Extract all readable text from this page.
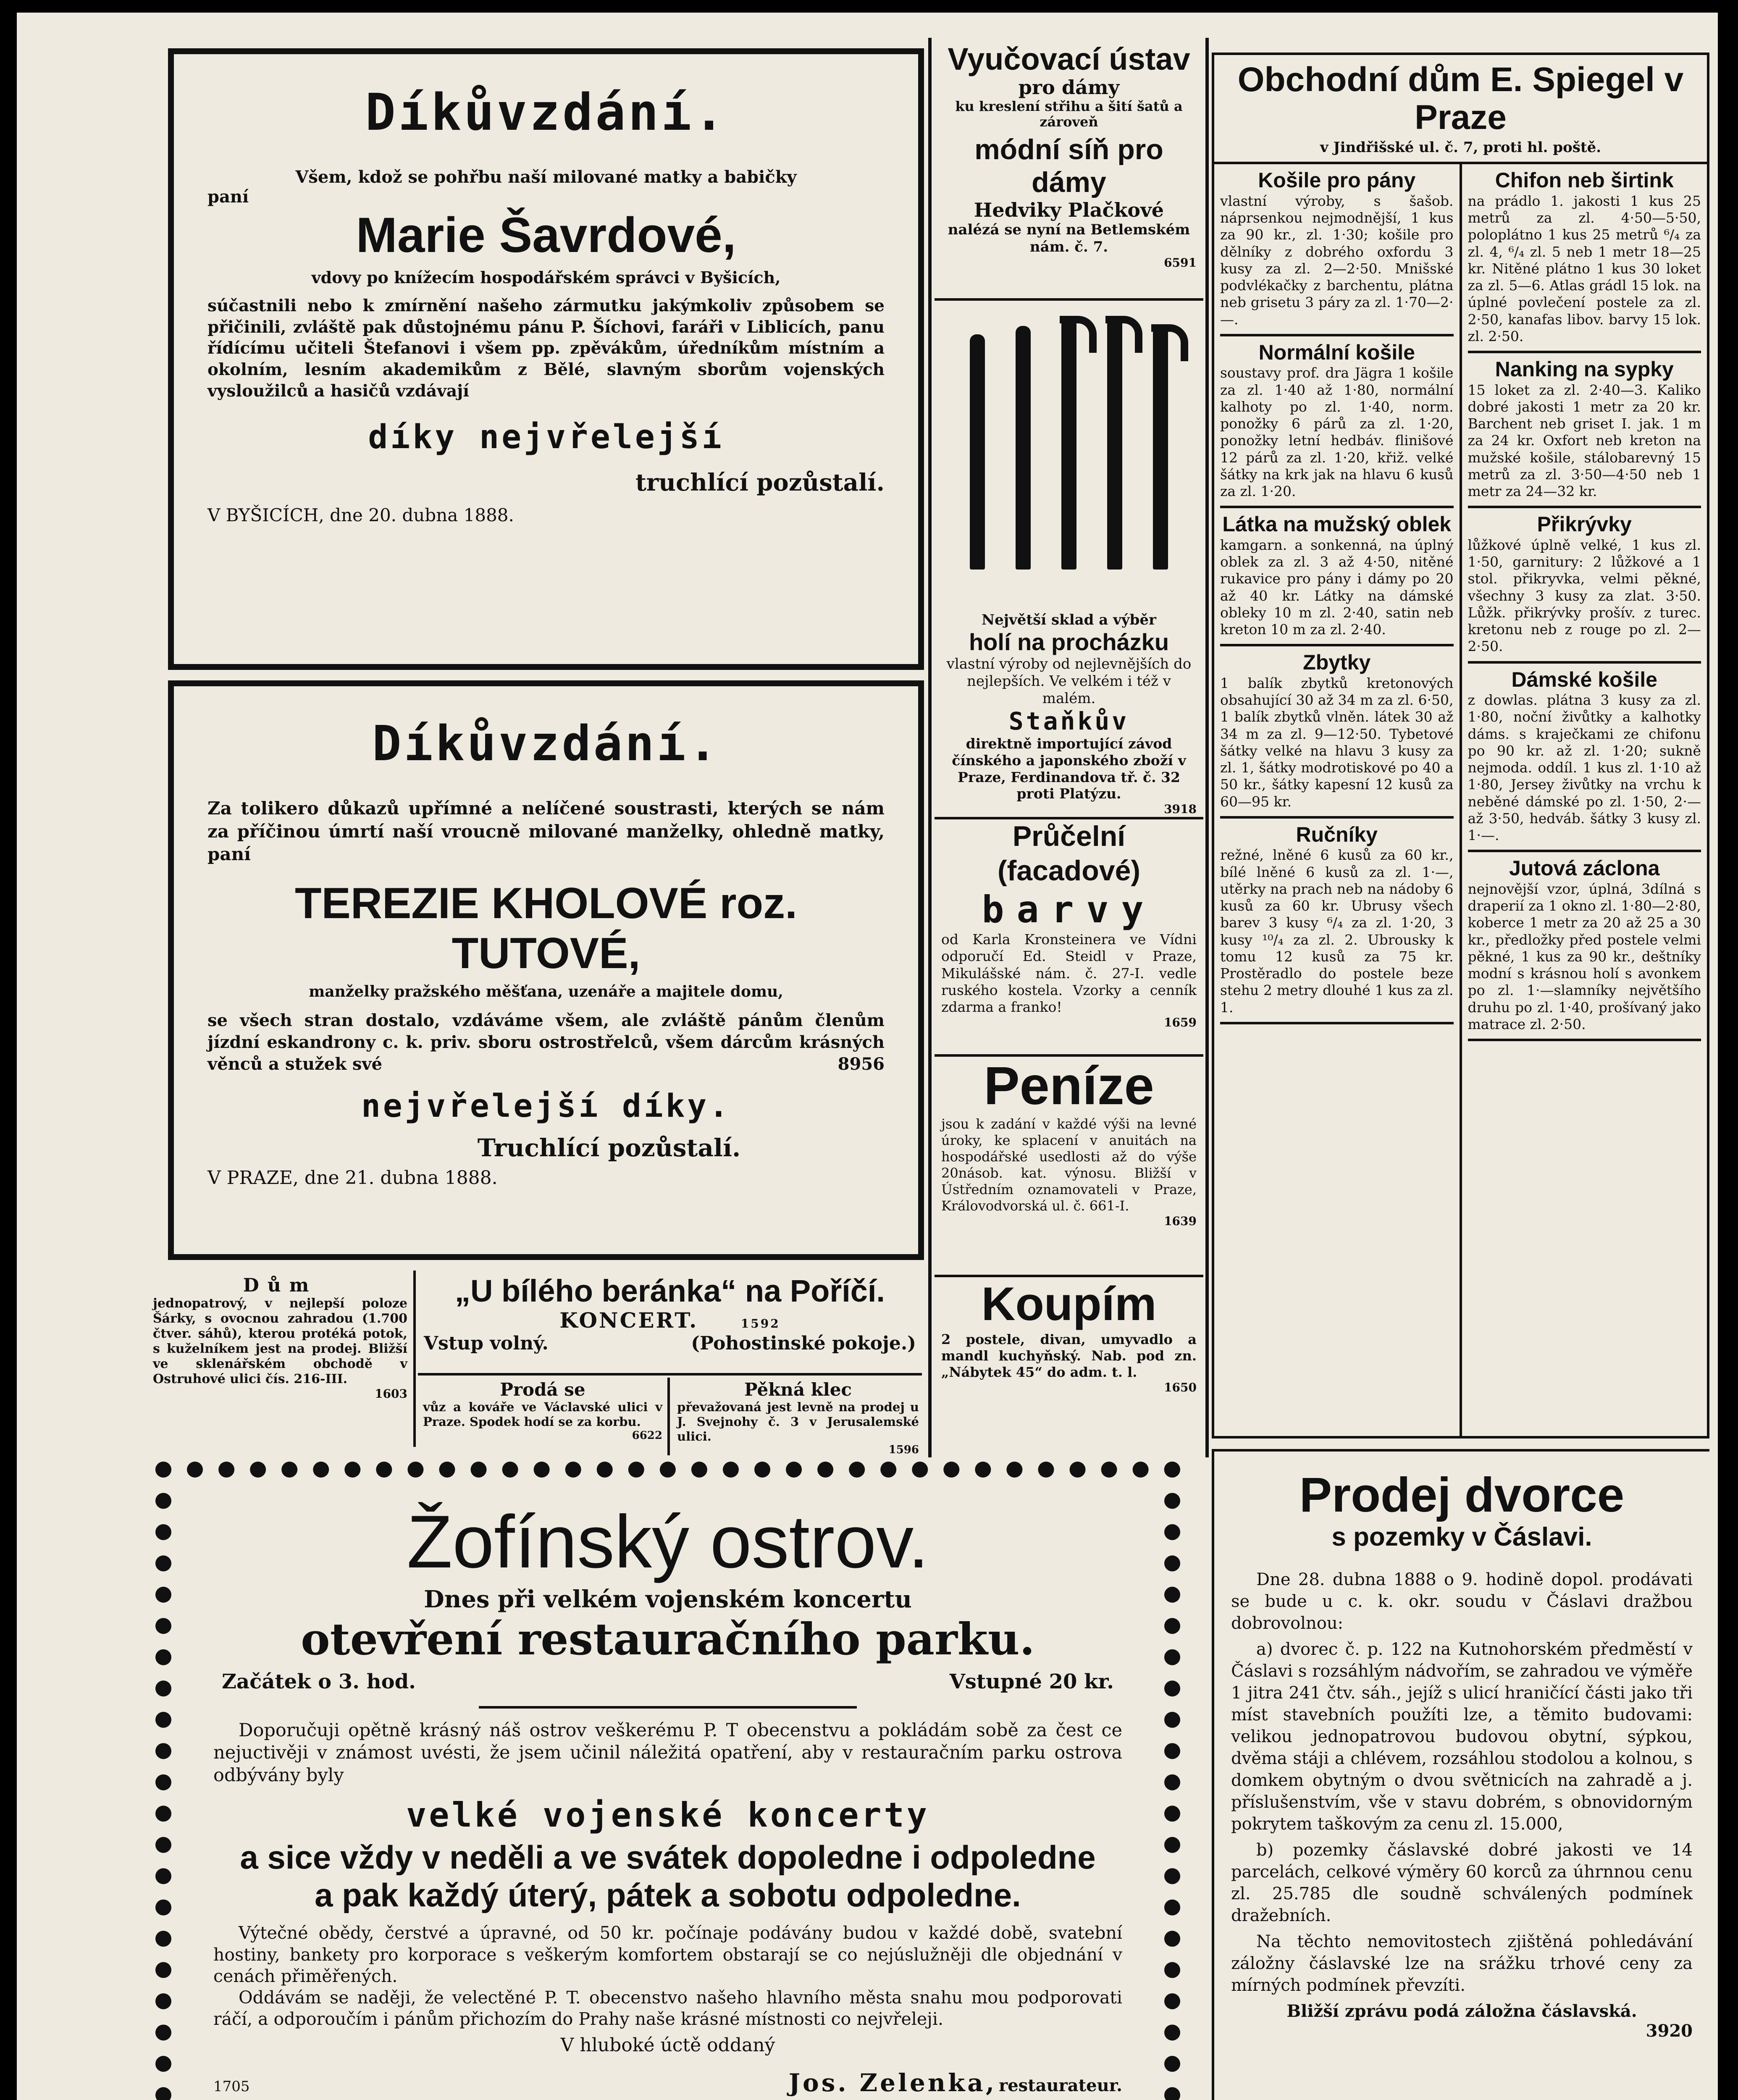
Díkůvzdání.

Všem, kdož se pohřbu naší milované matky a babičky

paní

Marie Šavrdové,

vdovy po knížecím hospodářském správci v Byšicích,

súčastnili nebo k zmírnění našeho zármutku jakýmkoliv způsobem se přičinili, zvláště pak důstojnému pánu P. Šíchovi, faráři v Liblicích, panu řídícímu učiteli Štefanovi i všem pp. zpěvákům, úředníkům místním a okolním, lesním akademikům z Bělé, slavným sborům vojenských vysloužilců a hasičů vzdávají

díky nejvřelejší

truchlící pozůstalí.

V BYŠICÍCH, dne 20. dubna 1888.

Díkůvzdání.

Za tolikero důkazů upřímné a nelíčené soustrasti, kterých se nám za příčinou úmrtí naší vroucně milované manželky, ohledně matky, paní

TEREZIE KHOLOVÉ roz. TUTOVÉ,

manželky pražského měšťana, uzenáře a majitele domu,

se všech stran dostalo, vzdáváme všem, ale zvláště pánům členům jízdní eskandrony c. k. priv. sboru ostrostřelců, všem dárcům krásných věnců a stužek své	8956

nejvřelejší díky.

Truchlící pozůstalí.

V PRAZE, dne 21. dubna 1888.

Dům

jednopatrový, v nejlepší poloze Šárky, s ovocnou zahradou (1.700 čtver. sáhů), kterou protéká potok, s kuželníkem jest na prodej. Bližší ve sklenářském obchodě v Ostruhové ulici čís. 216-III.

1603

„U bílého beránka“ na Poříčí.
KONCERT.	1592
Vstup volný.	(Pohostinské pokoje.)
Prodá se

vůz a kováře ve Václavské ulici v Praze. Spodek hodí se za korbu.

6622

Pěkná klec

převažovaná jest levně na prodej u J. Svejnohy č. 3 v Jerusalemské ulici.

1596

Žofínský ostrov.
Dnes při velkém vojenském koncertu
otevření restauračního parku.
Začátek o 3. hod.	Vstupné 20 kr.

Doporučuji opětně krásný náš ostrov veškerému P. T obecenstvu a pokládám sobě za čest ce nejuctivěji v známost uvésti, že jsem učinil náležitá opatření, aby v restauračním parku ostrova odbývány byly

velké vojenské koncerty
a sice vždy v neděli a ve svátek dopoledne i odpoledne
a pak každý úterý, pátek a sobotu odpoledne.

Výtečné obědy, čerstvé a úpravné, od 50 kr. počínaje podávány budou v každé době, svatební hostiny, bankety pro korporace s veškerým komfortem obstarají se co nejúslužněji dle objednání v cenách přiměřených.

Oddávám se naději, že velectěné P. T. obecenstvo našeho hlavního města snahu mou podporovati ráčí, a odporoučím i pánům přichozím do Prahy naše krásné místnosti co nejvřeleji.

V hluboké úctě oddaný

1705	Jos. Zelenka, restaurateur.
Vyučovací ústav
pro dámy
ku kreslení střihu a šití šatů a zároveň
módní síň pro dámy
Hedviky Plačkové
nalézá se nyní na Betlemském nám. č. 7.
6591

Největší sklad a výběr
holí na procházku

vlastní výroby od nejlevnějších do nejlepších. Ve velkém i též v malém.

Staňkův

direktně importující závod čínského a japonského zboží v Praze, Ferdinandova tř. č. 32 proti Platýzu.

3918
Průčelní (facadové)
barvy

od Karla Kronsteinera ve Vídni odporučí Ed. Steidl v Praze, Mikulášské nám. č. 27-I. vedle ruského kostela. Vzorky a cenník zdarma a franko!

1659
Peníze

jsou k zadání v každé výši na levné úroky, ke splacení v anuitách na hospodářské usedlosti až do výše 20násob. kat. výnosu. Bližší v Ústředním oznamovateli v Praze, Královodvorská ul. č. 661-I.

1639
Koupím

2 postele, divan, umyvadlo a mandl kuchyňský. Nab. pod zn. „Nábytek 45“ do adm. t. l.

1650
Obchodní dům E. Spiegel v Praze
v Jindřišské ul. č. 7, proti hl. poště.
Košile pro pány

vlastní výroby, s šašob. náprsenkou nejmodnější, 1 kus za 90 kr., zl. 1·30; košile pro dělníky z dobrého oxfordu 3 kusy za zl. 2—2·50. Mnišské podvlékačky z barchentu, plátna neb grisetu 3 páry za zl. 1·70—2·—.

Normální košile

soustavy prof. dra Jägra 1 košile za zl. 1·40 až 1·80, normální kalhoty po zl. 1·40, norm. ponožky 6 párů za zl. 1·20, ponožky letní hedbáv. flinišové 12 párů za zl. 1·20, křiž. velké šátky na krk jak na hlavu 6 kusů za zl. 1·20.

Látka na mužský oblek

kamgarn. a sonkenná, na úplný oblek za zl. 3 až 4·50, nitěné rukavice pro pány i dámy po 20 až 40 kr. Látky na dámské obleky 10 m zl. 2·40, satin neb kreton 10 m za zl. 2·40.

Zbytky

1 balík zbytků kretonových obsahující 30 až 34 m za zl. 6·50, 1 balík zbytků vlněn. látek 30 až 34 m za zl. 9—12·50. Tybetové šátky velké na hlavu 3 kusy za zl. 1, šátky modrotiskové po 40 a 50 kr., šátky kapesní 12 kusů za 60—95 kr.

Ručníky

režné, lněné 6 kusů za 60 kr., bílé lněné 6 kusů za zl. 1·—, utěrky na prach neb na nádoby 6 kusů za 60 kr. Ubrusy všech barev 3 kusy ⁶/₄ za zl. 1·20, 3 kusy ¹⁰/₄ za zl. 2. Ubrousky k tomu 12 kusů za 75 kr. Prostěradlo do postele beze stehu 2 metry dlouhé 1 kus za zl. 1.

Chifon neb širtink

na prádlo 1. jakosti 1 kus 25 metrů za zl. 4·50—5·50, poloplátno 1 kus 25 metrů ⁶/₄ za zl. 4, ⁶/₄ zl. 5 neb 1 metr 18—25 kr. Nitěné plátno 1 kus 30 loket za zl. 5—6. Atlas grádl 15 lok. na úplné povlečení postele za zl. 2·50, kanafas libov. barvy 15 lok. zl. 2·50.

Nanking na sypky

15 loket za zl. 2·40—3. Kaliko dobré jakosti 1 metr za 20 kr. Barchent neb griset I. jak. 1 m za 24 kr. Oxfort neb kreton na mužské košile, stálobarevný 15 metrů za zl. 3·50—4·50 neb 1 metr za 24—32 kr.

Přikrývky

lůžkové úplně velké, 1 kus zl. 1·50, garnitury: 2 lůžkové a 1 stol. přikryvka, velmi pěkné, všechny 3 kusy za zlat. 3·50. Lůžk. přikrývky prošív. z turec. kretonu neb z rouge po zl. 2—2·50.

Dámské košile

z dowlas. plátna 3 kusy za zl. 1·80, noční živůtky a kalhotky dáms. s kraječkami ze chifonu po 90 kr. až zl. 1·20; sukně nejmoda. oddíl. 1 kus zl. 1·10 až 1·80, Jersey živůtky na vrchu k neběné dámské po zl. 1·50, 2·— až 3·50, hedváb. šátky 3 kusy zl. 1·—.

Jutová záclona

nejnovější vzor, úplná, 3dílná s draperií za 1 okno zl. 1·80—2·80, koberce 1 metr za 20 až 25 a 30 kr., předložky před postele velmi pěkné, 1 kus za 90 kr., deštníky modní s krásnou holí s avonkem po zl. 1·—slamníky největšího druhu po zl. 1·40, prošívaný jako matrace zl. 2·50.

Prodej dvorce
s pozemky v Čáslavi.

Dne 28. dubna 1888 o 9. hodině dopol. prodávati se bude u c. k. okr. soudu v Čáslavi dražbou dobrovolnou:

a) dvorec č. p. 122 na Kutnohorském předměstí v Čáslavi s rozsáhlým nádvořím, se zahradou ve výměře 1 jitra 241 čtv. sáh., jejíž s ulicí hraničící části jako tři míst stavebních použíti lze, a těmito budovami: velikou jednopatrovou budovou obytní, sýpkou, dvěma stáji a chlévem, rozsáhlou stodolou a kolnou, s domkem obytným o dvou světnicích na zahradě a j. příslušenstvím, vše v stavu dobrém, s obnovidorným pokrytem taškovým za cenu zl. 15.000,

b) pozemky čáslavské dobré jakosti ve 14 parcelách, celkové výměry 60 korců za úhrnnou cenu zl. 25.785 dle soudně schválených podmínek dražebních.

Na těchto nemovitostech zjištěná pohledávání záložny čáslavské lze na srážku trhové ceny za mírných podmínek převzíti.

Bližší zprávu podá záložna čáslavská.

3920
